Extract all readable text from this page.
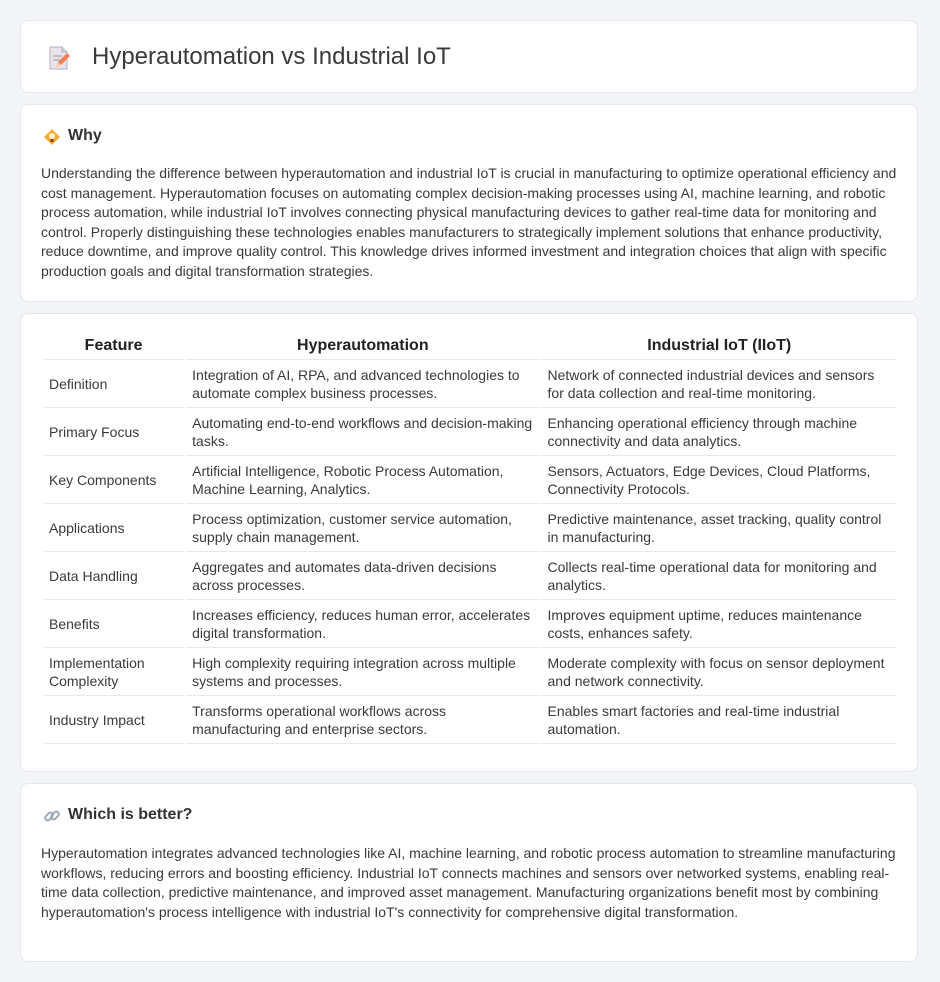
Hyperautomation vs Industrial IoT
Why

Understanding the difference between hyperautomation and industrial IoT is crucial in manufacturing to optimize operational efficiency and cost management. Hyperautomation focuses on automating complex decision-making processes using AI, machine learning, and robotic process automation, while industrial IoT involves connecting physical manufacturing devices to gather real-time data for monitoring and control. Properly distinguishing these technologies enables manufacturers to strategically implement solutions that enhance productivity, reduce downtime, and improve quality control. This knowledge drives informed investment and integration choices that align with specific production goals and digital transformation strategies.

Feature	Hyperautomation	Industrial IoT (IIoT)
Definition	Integration of AI, RPA, and advanced technologies to automate complex business processes.	Network of connected industrial devices and sensors for data collection and real-time monitoring.
Primary Focus	Automating end-to-end workflows and decision-making tasks.	Enhancing operational efficiency through machine connectivity and data analytics.
Key Components	Artificial Intelligence, Robotic Process Automation, Machine Learning, Analytics.	Sensors, Actuators, Edge Devices, Cloud Platforms, Connectivity Protocols.
Applications	Process optimization, customer service automation, supply chain management.	Predictive maintenance, asset tracking, quality control in manufacturing.
Data Handling	Aggregates and automates data-driven decisions across processes.	Collects real-time operational data for monitoring and analytics.
Benefits	Increases efficiency, reduces human error, accelerates digital transformation.	Improves equipment uptime, reduces maintenance costs, enhances safety.
Implementation Complexity	High complexity requiring integration across multiple systems and processes.	Moderate complexity with focus on sensor deployment and network connectivity.
Industry Impact	Transforms operational workflows across manufacturing and enterprise sectors.	Enables smart factories and real-time industrial automation.
Which is better?

Hyperautomation integrates advanced technologies like AI, machine learning, and robotic process automation to streamline manufacturing workflows, reducing errors and boosting efficiency. Industrial IoT connects machines and sensors over networked systems, enabling real-time data collection, predictive maintenance, and improved asset management. Manufacturing organizations benefit most by combining hyperautomation's process intelligence with industrial IoT's connectivity for comprehensive digital transformation.
